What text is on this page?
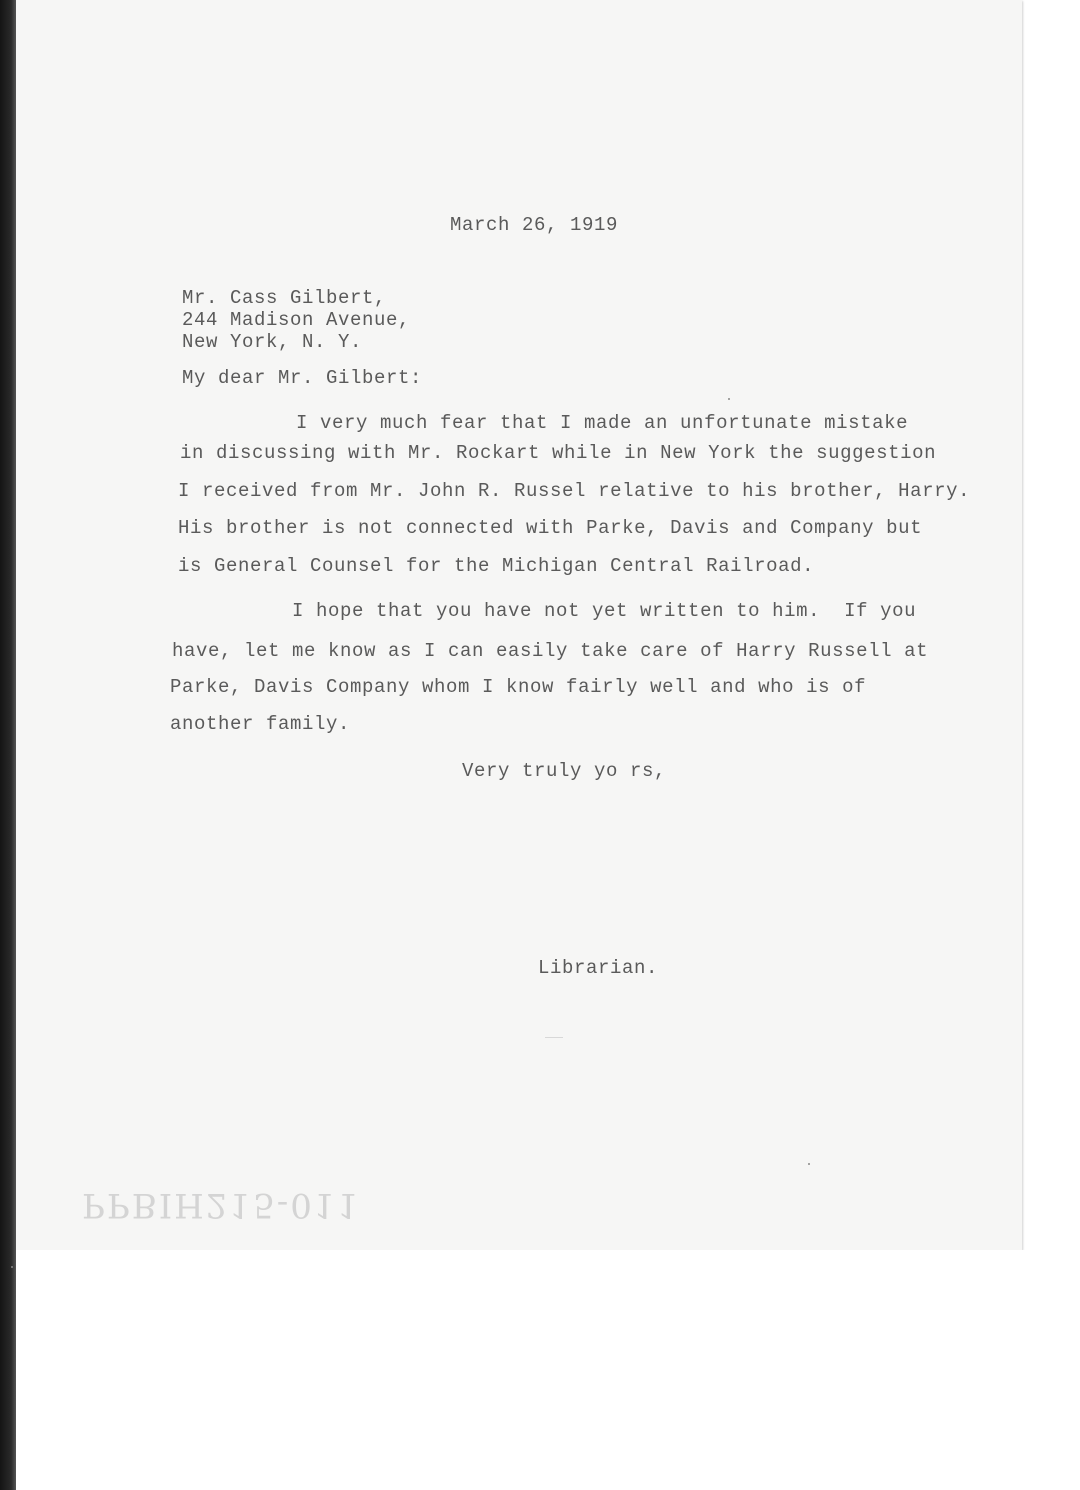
March 26, 1919
Mr. Cass Gilbert,
244 Madison Avenue,
New York, N. Y.
My dear Mr. Gilbert:
I very much fear that I made an unfortunate mistake
in discussing with Mr. Rockart while in New York the suggestion
I received from Mr. John R. Russel relative to his brother, Harry.
His brother is not connected with Parke, Davis and Company but
is General Counsel for the Michigan Central Railroad.
I hope that you have not yet written to him.  If you
have, let me know as I can easily take care of Harry Russell at
Parke, Davis Company whom I know fairly well and who is of
another family.
Very truly yo rs,
Librarian.
PPBIH215-011
